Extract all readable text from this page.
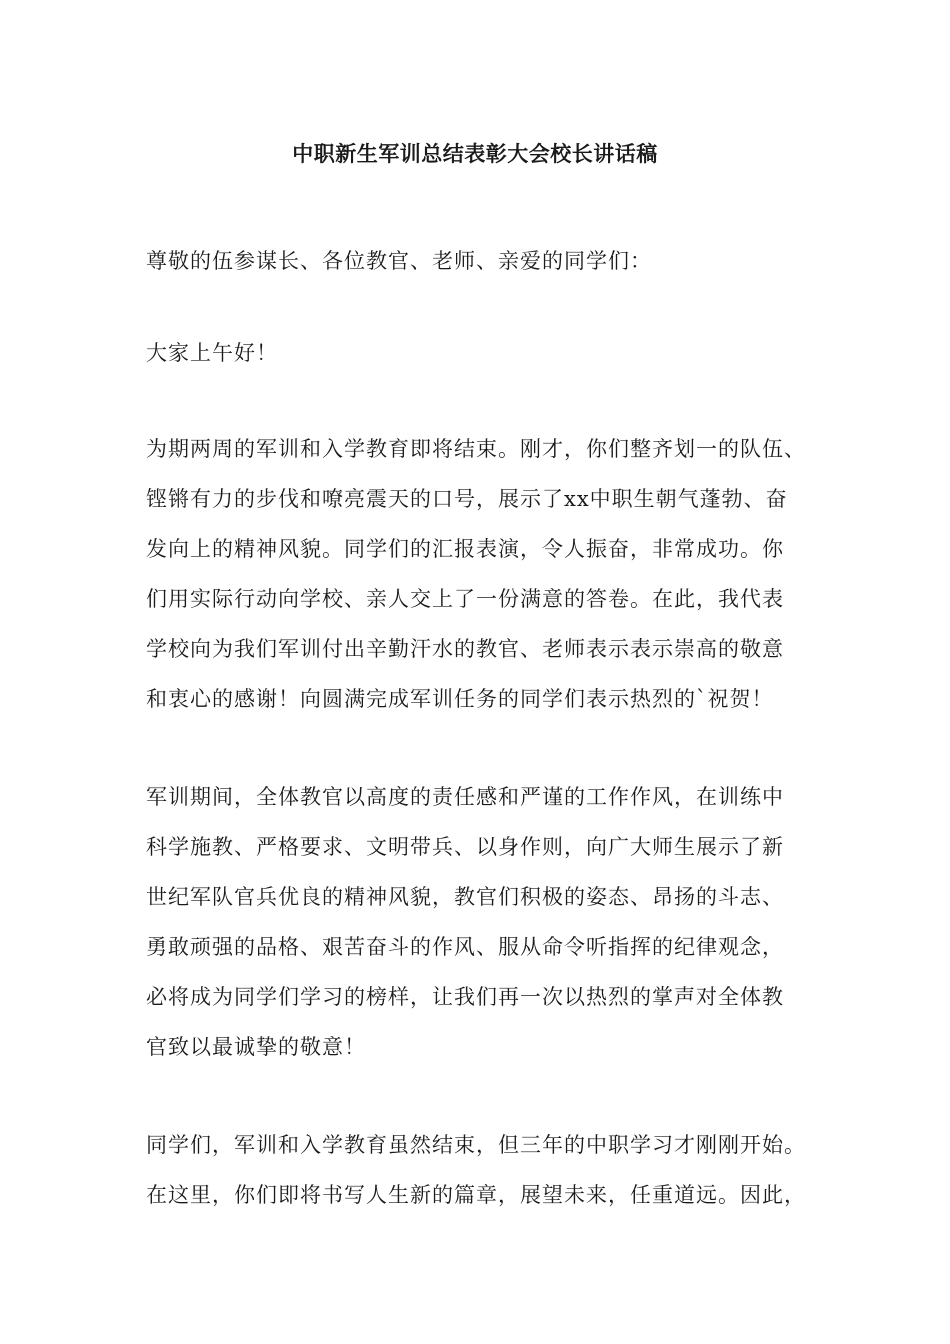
中职新生军训总结表彰大会校长讲话稿
尊敬的伍参谋长、各位教官、老师、亲爱的同学们：
大家上午好！
为期两周的军训和入学教育即将结束。刚才，你们整齐划一的队伍、
铿锵有力的步伐和嘹亮震天的口号，展示了xx中职生朝气蓬勃、奋
发向上的精神风貌。同学们的汇报表演，令人振奋，非常成功。你
们用实际行动向学校、亲人交上了一份满意的答卷。在此，我代表
学校向为我们军训付出辛勤汗水的教官、老师表示表示崇高的敬意
和衷心的感谢！向圆满完成军训任务的同学们表示热烈的`祝贺！
军训期间，全体教官以高度的责任感和严谨的工作作风，在训练中
科学施教、严格要求、文明带兵、以身作则，向广大师生展示了新
世纪军队官兵优良的精神风貌，教官们积极的姿态、昂扬的斗志、
勇敢顽强的品格、艰苦奋斗的作风、服从命令听指挥的纪律观念，
必将成为同学们学习的榜样，让我们再一次以热烈的掌声对全体教
官致以最诚挚的敬意！
同学们，军训和入学教育虽然结束，但三年的中职学习才刚刚开始。
在这里，你们即将书写人生新的篇章，展望未来，任重道远。因此，
